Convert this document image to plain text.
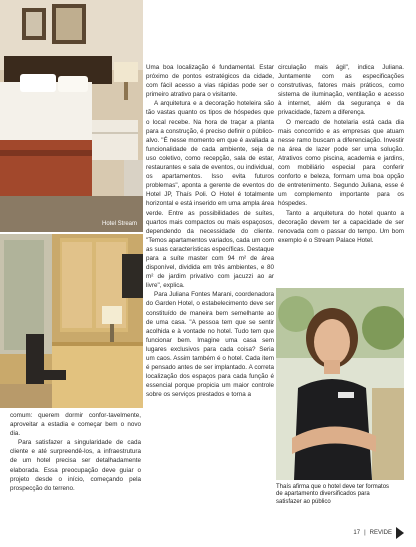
Hotel Stream

comum: querem dormir confor-tavelmente, aproveitar a estadia e começar bem o novo dia.

Para satisfazer a singularidade de cada cliente e até surpreendê-los, a infraestrutura de um hotel precisa ser detalhadamente elaborada. Essa preocupação deve guiar o projeto desde o início, começando pela prospecção do terreno.

Uma boa localização é fundamental. Estar próximo de pontos estratégicos da cidade, com fácil acesso a vias rápidas pode ser o primeiro atrativo para o visitante.

A arquitetura e a decoração hoteleira são tão vastas quanto os tipos de hóspedes que o local recebe. Na hora de traçar a planta para a construção, é preciso definir o público-alvo. "É nesse momento em que é avaliada a funcionalidade de cada ambiente, seja de uso coletivo, como recepção, sala de estar, restaurantes e sala de eventos, ou individual, os apartamentos. Isso evita futuros problemas", aponta a gerente de eventos do Hotel JP, Thaís Poli. O Hotel é totalmente horizontal e está inserido em uma ampla área verde. Entre as possibilidades de suítes, quartos mais compactos ou mais espaçosos, dependendo da necessidade do cliente. "Temos apartamentos variados, cada um com as suas características específicas. Destaque para a suíte master com 94 m² de área disponível, dividida em três ambientes, e 80 m² de jardim privativo com jacuzzi ao ar livre", explica.

Para Juliana Fontes Marani, coordenadora do Garden Hotel, o estabelecimento deve ser constituído de maneira bem semelhante ao de uma casa. "A pessoa tem que se sentir acolhida e à vontade no hotel. Tudo tem que funcionar bem. Imagine uma casa sem lugares exclusivos para cada coisa? Seria um caos. Assim também é o hotel. Cada item é pensado antes de ser implantado. A correta localização dos espaços para cada função é essencial porque propicia um maior controle sobre os serviços prestados e torna a

circulação mais ágil", indica Juliana. Juntamente com as especificações construtivas, fatores mais práticos, como sistema de iluminação, ventilação e acesso à internet, além da segurança e da privacidade, fazem a diferença.

O mercado de hotelaria está cada dia mais concorrido e as empresas que atuam nesse ramo buscam a diferenciação. Investir na área de lazer pode ser uma solução. Atrativos como piscina, academia e jardins, com mobiliário especial para conferir conforto e beleza, formam uma boa opção de entretenimento. Segundo Juliana, esse é um complemento importante para os hóspedes.

Tanto a arquitetura do hotel quanto a decoração devem ter a capacidade de ser renovada com o passar do tempo. Um bom exemplo é o Stream Palace Hotel.

Thaís afirma que o hotel deve ter formatos de apartamento diversificados para satisfazer ao público
17 | REVIDE
